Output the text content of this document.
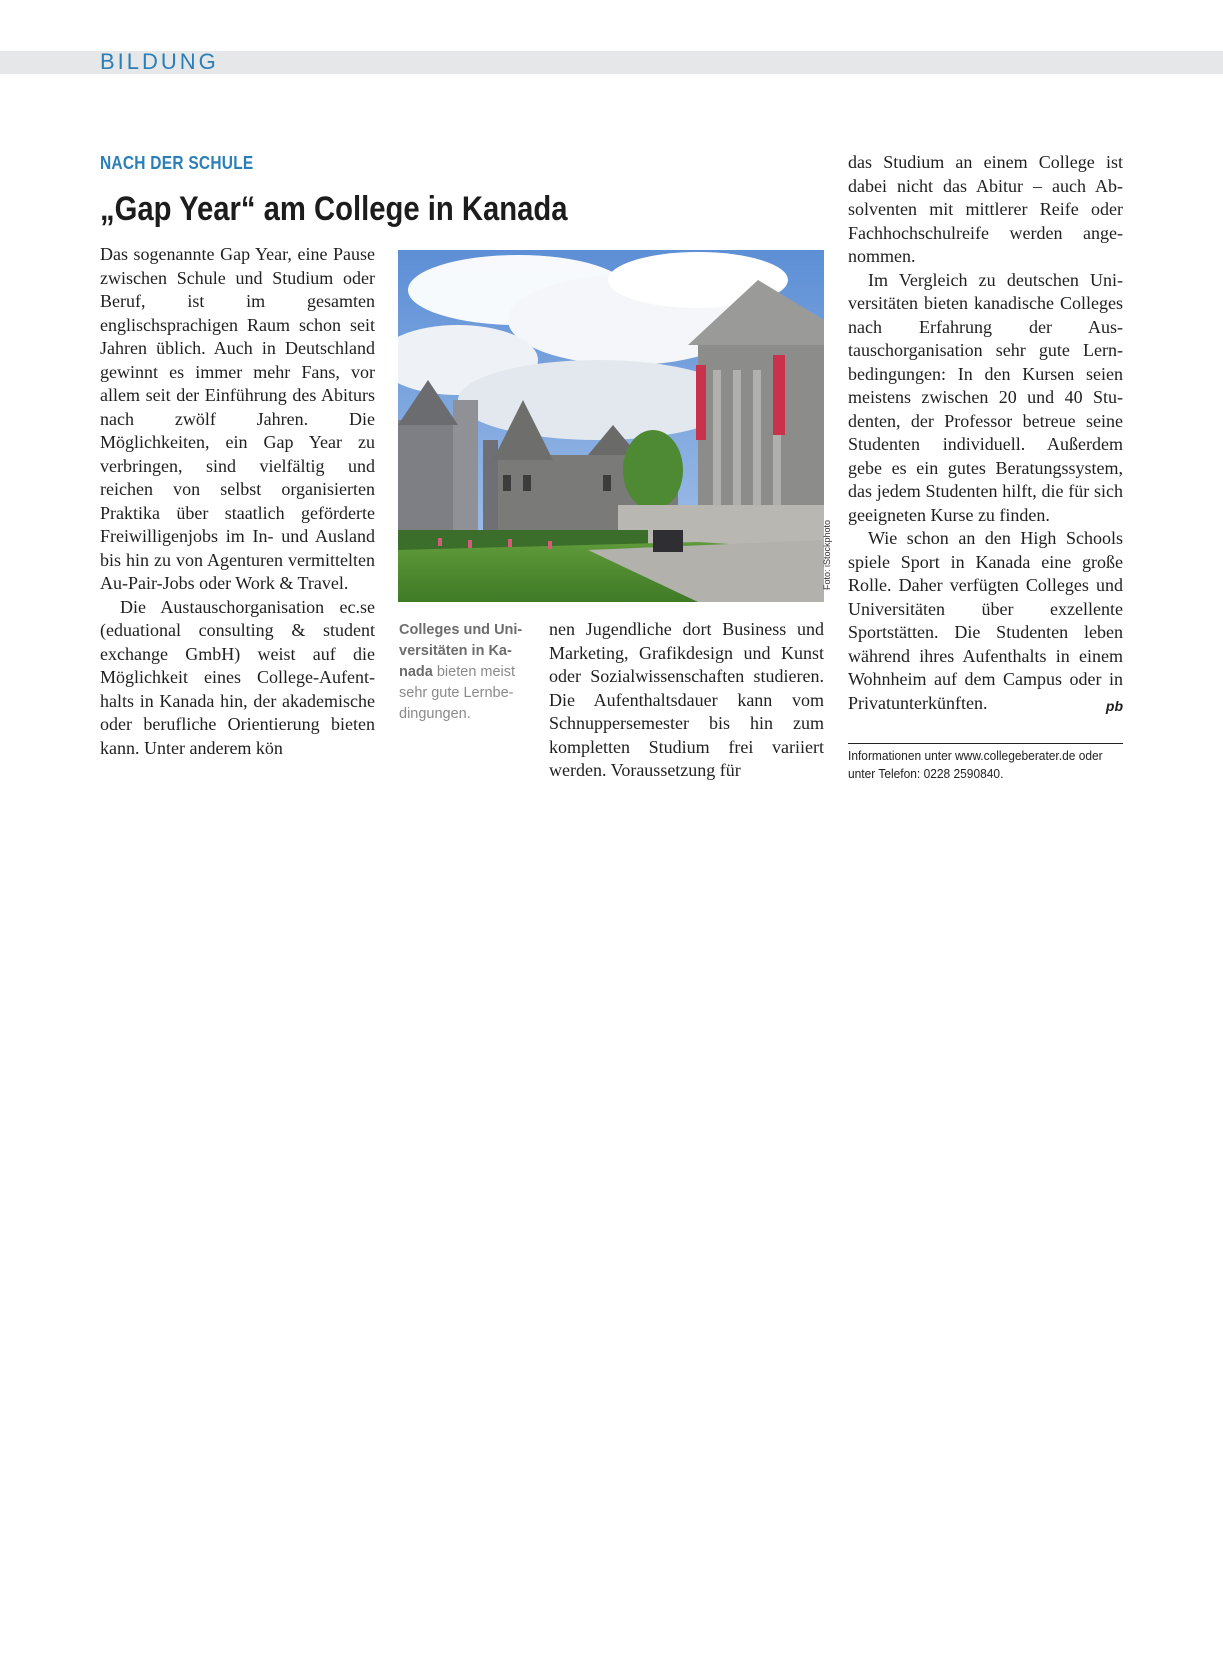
BILDUNG
NACH DER SCHULE
„Gap Year“ am College in Kanada

Das sogenannte Gap Year, eine Pause zwischen Schule und Studium oder Beruf, ist im gesamten englischsprachigen Raum schon seit Jahren üblich. Auch in Deutschland gewinnt es immer mehr Fans, vor allem seit der Einführung des Abiturs nach zwölf Jahren. Die Möglichkeiten, ein Gap Year zu verbringen, sind vielfältig und reichen von selbst organisierten Praktika über staatlich geförderte Freiwilligenjobs im In- und Ausland bis hin zu von Agenturen vermittelten Au-Pair-Jobs oder Work & Travel.

Die Austauschorganisation ec.se (eduational consulting & student exchange GmbH) weist auf die Möglichkeit eines College-Aufenthalts in Kanada hin, der akademische oder berufliche Orientierung bieten kann. Unter anderem kön

Foto: iStockphoto

Colleges und Universitäten in Kanada bieten meist sehr gute Lernbedingungen.

nen Jugendliche dort Business und Marketing, Grafikdesign und Kunst oder Sozialwissenschaften studieren. Die Aufenthaltsdauer kann vom Schnuppersemester bis hin zum kompletten Studium frei variiert werden. Voraussetzung für

das Studium an einem College ist dabei nicht das Abitur – auch Absolventen mit mittlerer Reife oder Fachhochschulreife werden angenommen.

Im Vergleich zu deutschen Universitäten bieten kanadische Colleges nach Erfahrung der Austauschorganisation sehr gute Lernbedingungen: In den Kursen seien meistens zwischen 20 und 40 Studenten, der Professor betreue seine Studenten individuell. Außerdem gebe es ein gutes Beratungssystem, das jedem Studenten hilft, die für sich geeigneten Kurse zu finden.

Wie schon an den High Schools spiele Sport in Kanada eine große Rolle. Daher verfügten Colleges und Universitäten über exzellente Sportstätten. Die Studenten leben während ihres Aufenthalts in einem Wohnheim auf dem Campus oder in Privatunterkünften.	pb

Informationen unter www.collegeberater.de oder
unter Telefon: 0228 2590840.
